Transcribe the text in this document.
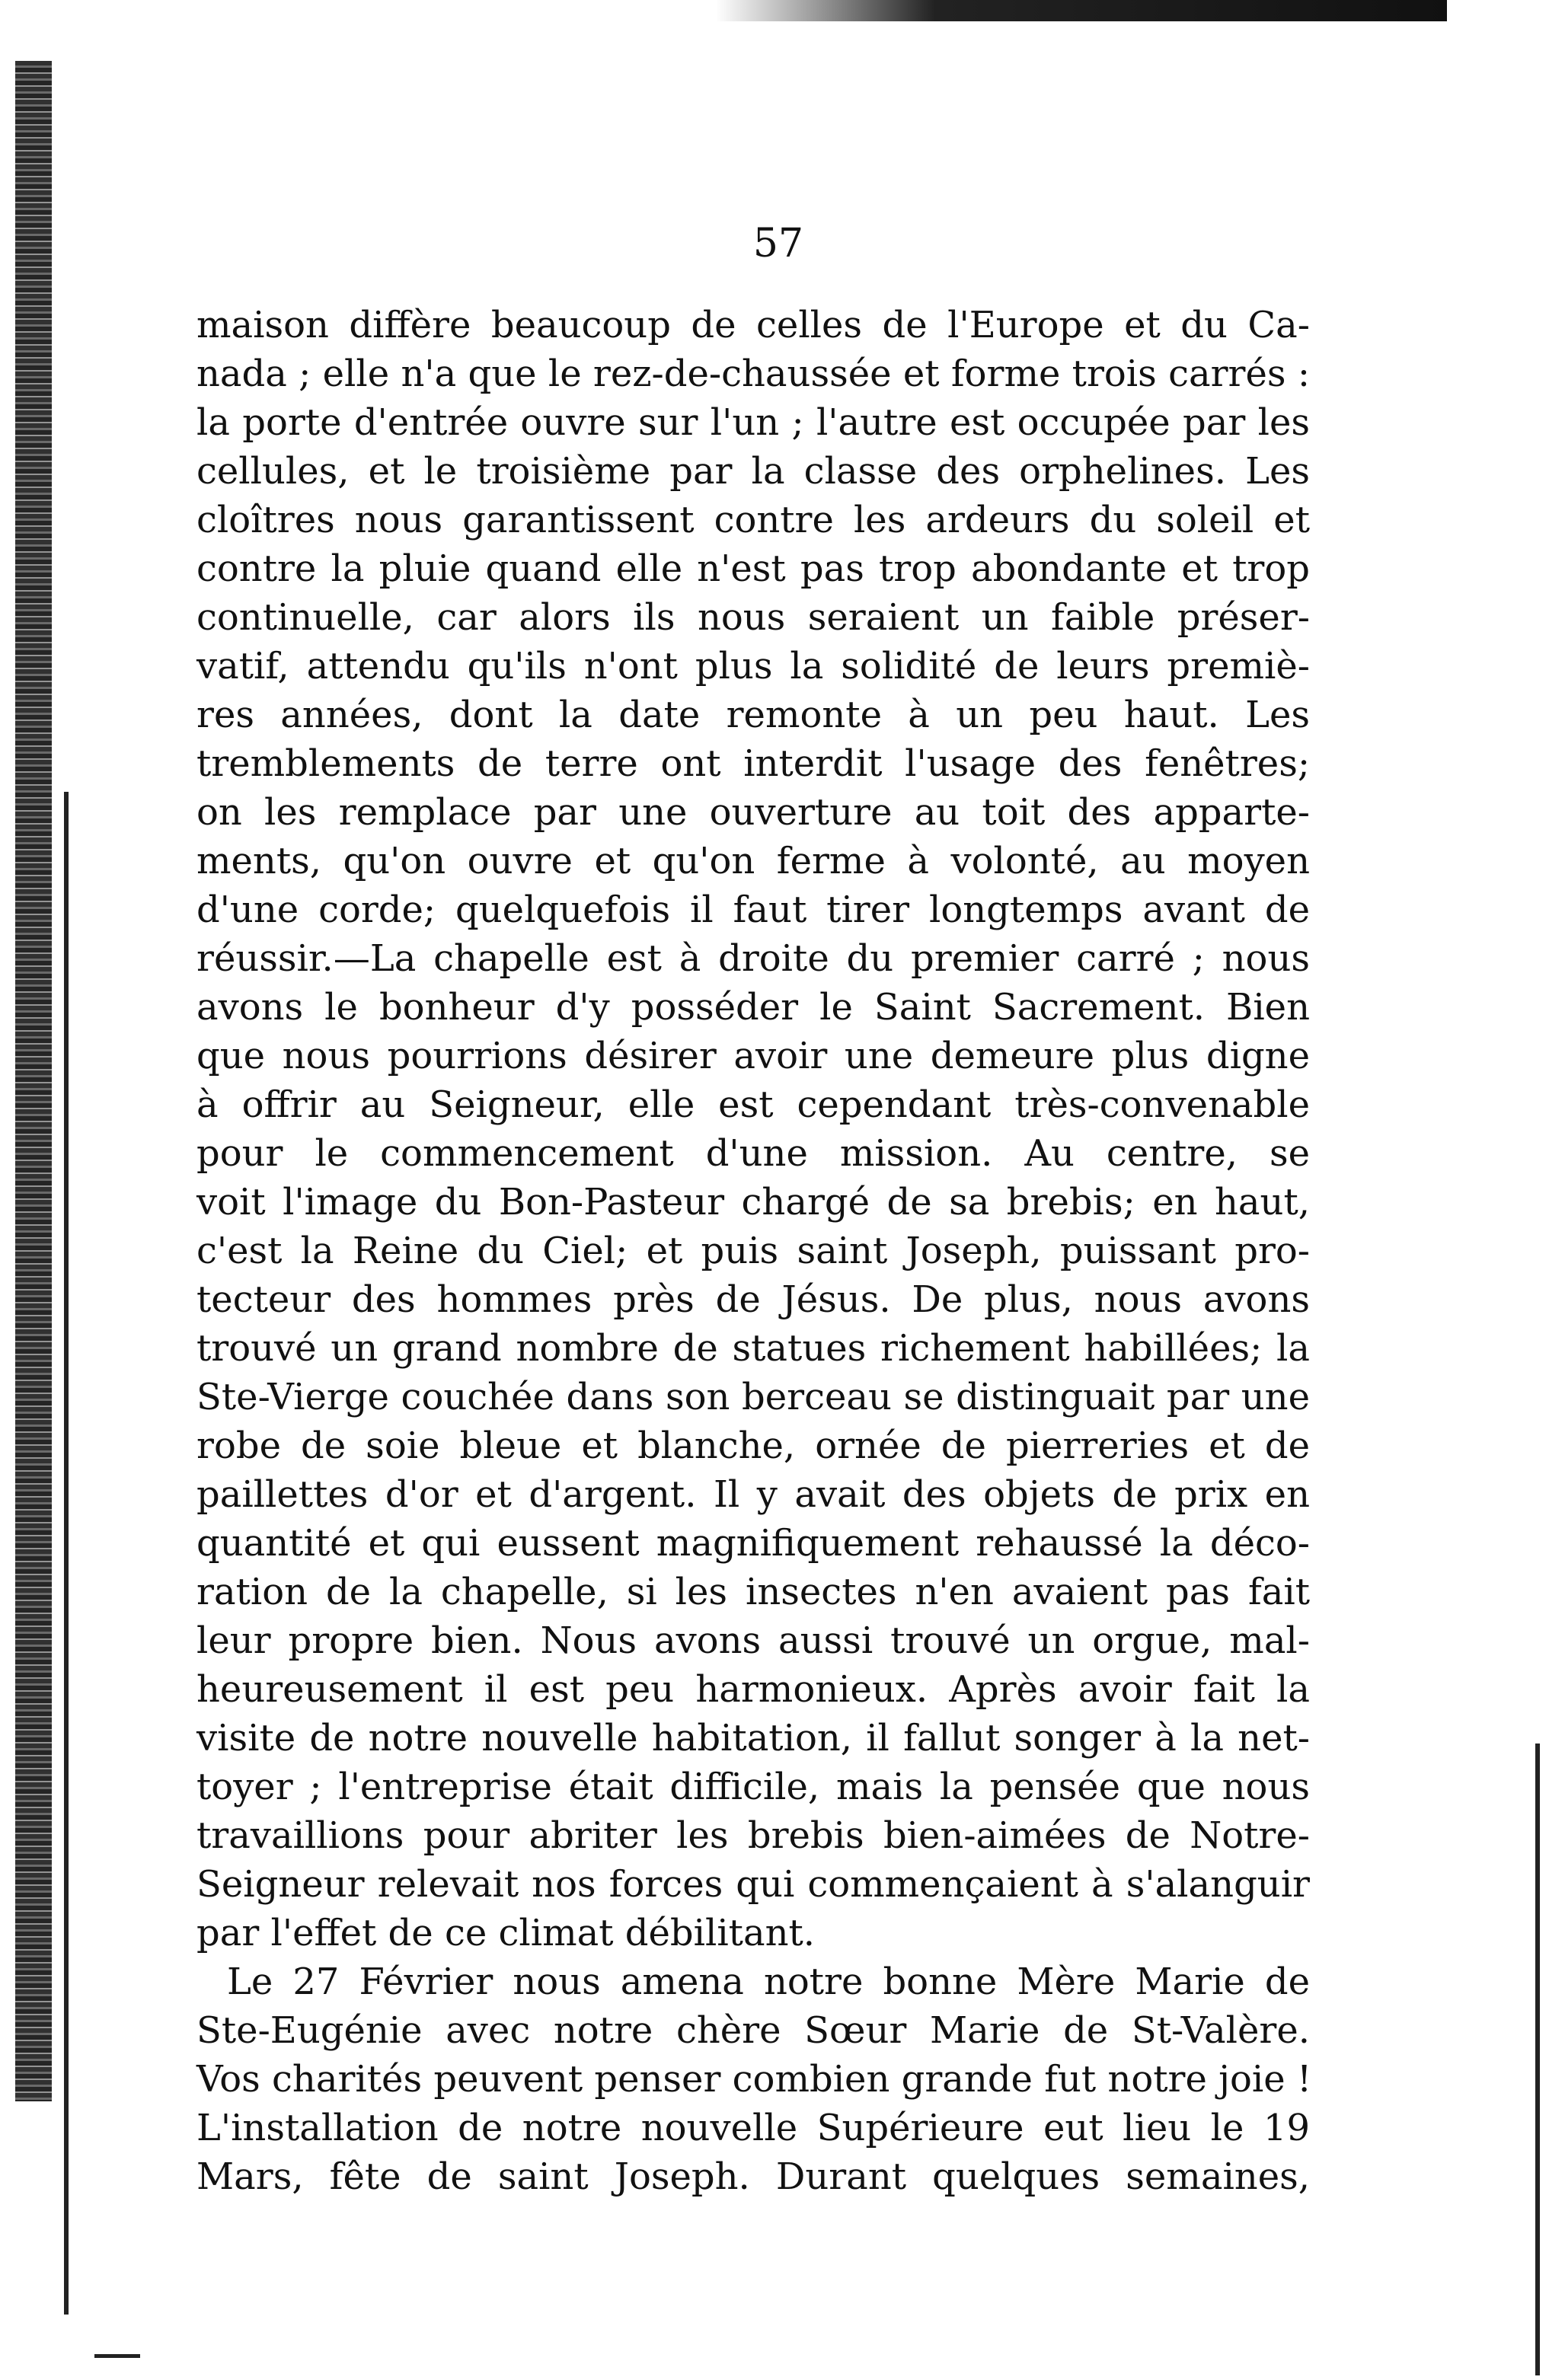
57
maison diffère beaucoup de celles de l'Europe et du Ca-
nada ; elle n'a que le rez-de-chaussée et forme trois carrés :
la porte d'entrée ouvre sur l'un ; l'autre est occupée par les
cellules, et le troisième par la classe des orphelines. Les
cloîtres nous garantissent contre les ardeurs du soleil et
contre la pluie quand elle n'est pas trop abondante et trop
continuelle, car alors ils nous seraient un faible préser-
vatif, attendu qu'ils n'ont plus la solidité de leurs premiè-
res années, dont la date remonte à un peu haut. Les
tremblements de terre ont interdit l'usage des fenêtres;
on les remplace par une ouverture au toit des apparte-
ments, qu'on ouvre et qu'on ferme à volonté, au moyen
d'une corde; quelquefois il faut tirer longtemps avant de
réussir.—La chapelle est à droite du premier carré ; nous
avons le bonheur d'y posséder le Saint Sacrement. Bien
que nous pourrions désirer avoir une demeure plus digne
à offrir au Seigneur, elle est cependant très-convenable
pour le commencement d'une mission. Au centre, se
voit l'image du Bon-Pasteur chargé de sa brebis; en haut,
c'est la Reine du Ciel; et puis saint Joseph, puissant pro-
tecteur des hommes près de Jésus. De plus, nous avons
trouvé un grand nombre de statues richement habillées; la
Ste-Vierge couchée dans son berceau se distinguait par une
robe de soie bleue et blanche, ornée de pierreries et de
paillettes d'or et d'argent. Il y avait des objets de prix en
quantité et qui eussent magnifiquement rehaussé la déco-
ration de la chapelle, si les insectes n'en avaient pas fait
leur propre bien. Nous avons aussi trouvé un orgue, mal-
heureusement il est peu harmonieux. Après avoir fait la
visite de notre nouvelle habitation, il fallut songer à la net-
toyer ; l'entreprise était difficile, mais la pensée que nous
travaillions pour abriter les brebis bien-aimées de Notre-
Seigneur relevait nos forces qui commençaient à s'alanguir
par l'effet de ce climat débilitant.
Le 27 Février nous amena notre bonne Mère Marie de
Ste-Eugénie avec notre chère Sœur Marie de St-Valère.
Vos charités peuvent penser combien grande fut notre joie !
L'installation de notre nouvelle Supérieure eut lieu le 19
Mars, fête de saint Joseph. Durant quelques semaines,
